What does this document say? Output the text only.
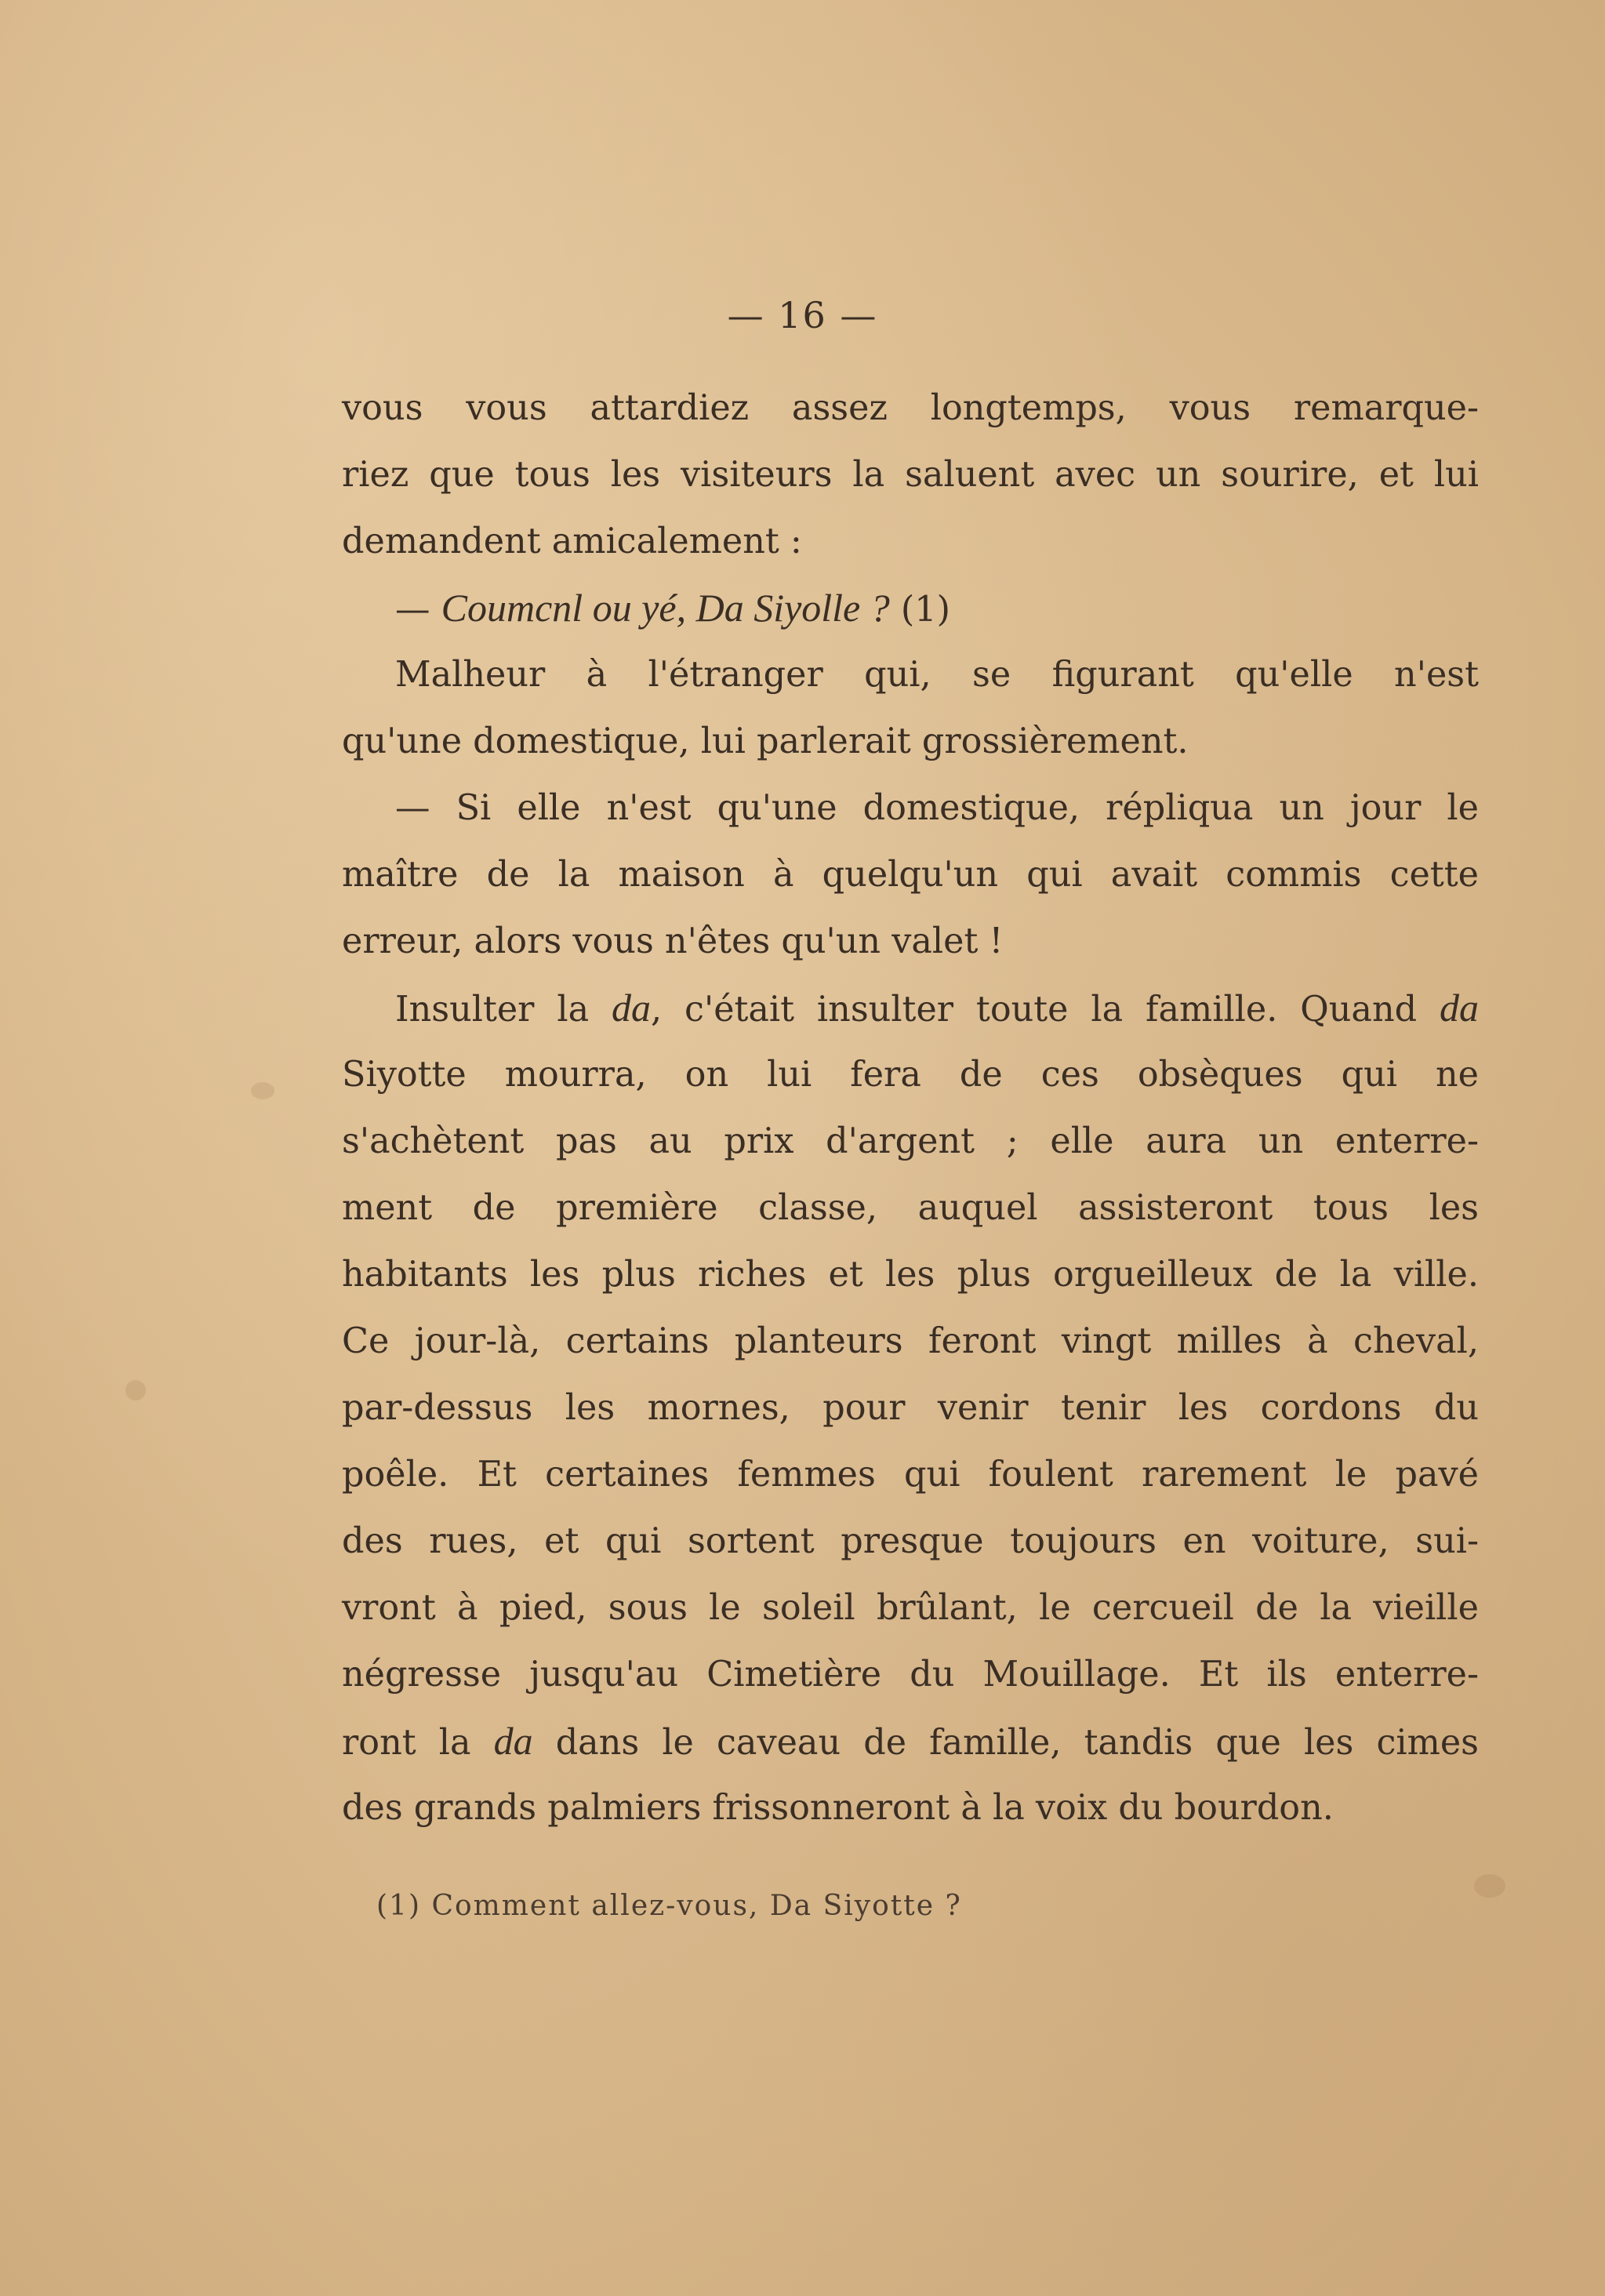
— 16 —
vous vous attardiez assez longtemps, vous remarque-
riez que tous les visiteurs la saluent avec un sourire, et lui
demandent amicalement :
— Coumcnl ou yé, Da Siyolle ? (1)
Malheur à l'étranger qui, se figurant qu'elle n'est
qu'une domestique, lui parlerait grossièrement.
— Si elle n'est qu'une domestique, répliqua un jour le
maître de la maison à quelqu'un qui avait commis cette
erreur, alors vous n'êtes qu'un valet !
Insulter la da, c'était insulter toute la famille. Quand da
Siyotte mourra, on lui fera de ces obsèques qui ne
s'achètent pas au prix d'argent ; elle aura un enterre-
ment de première classe, auquel assisteront tous les
habitants les plus riches et les plus orgueilleux de la ville.
Ce jour-là, certains planteurs feront vingt milles à cheval,
par-dessus les mornes, pour venir tenir les cordons du
poêle. Et certaines femmes qui foulent rarement le pavé
des rues, et qui sortent presque toujours en voiture, sui-
vront à pied, sous le soleil brûlant, le cercueil de la vieille
négresse jusqu'au Cimetière du Mouillage. Et ils enterre-
ront la da dans le caveau de famille, tandis que les cimes
des grands palmiers frissonneront à la voix du bourdon.
(1) Comment allez-vous, Da Siyotte ?
